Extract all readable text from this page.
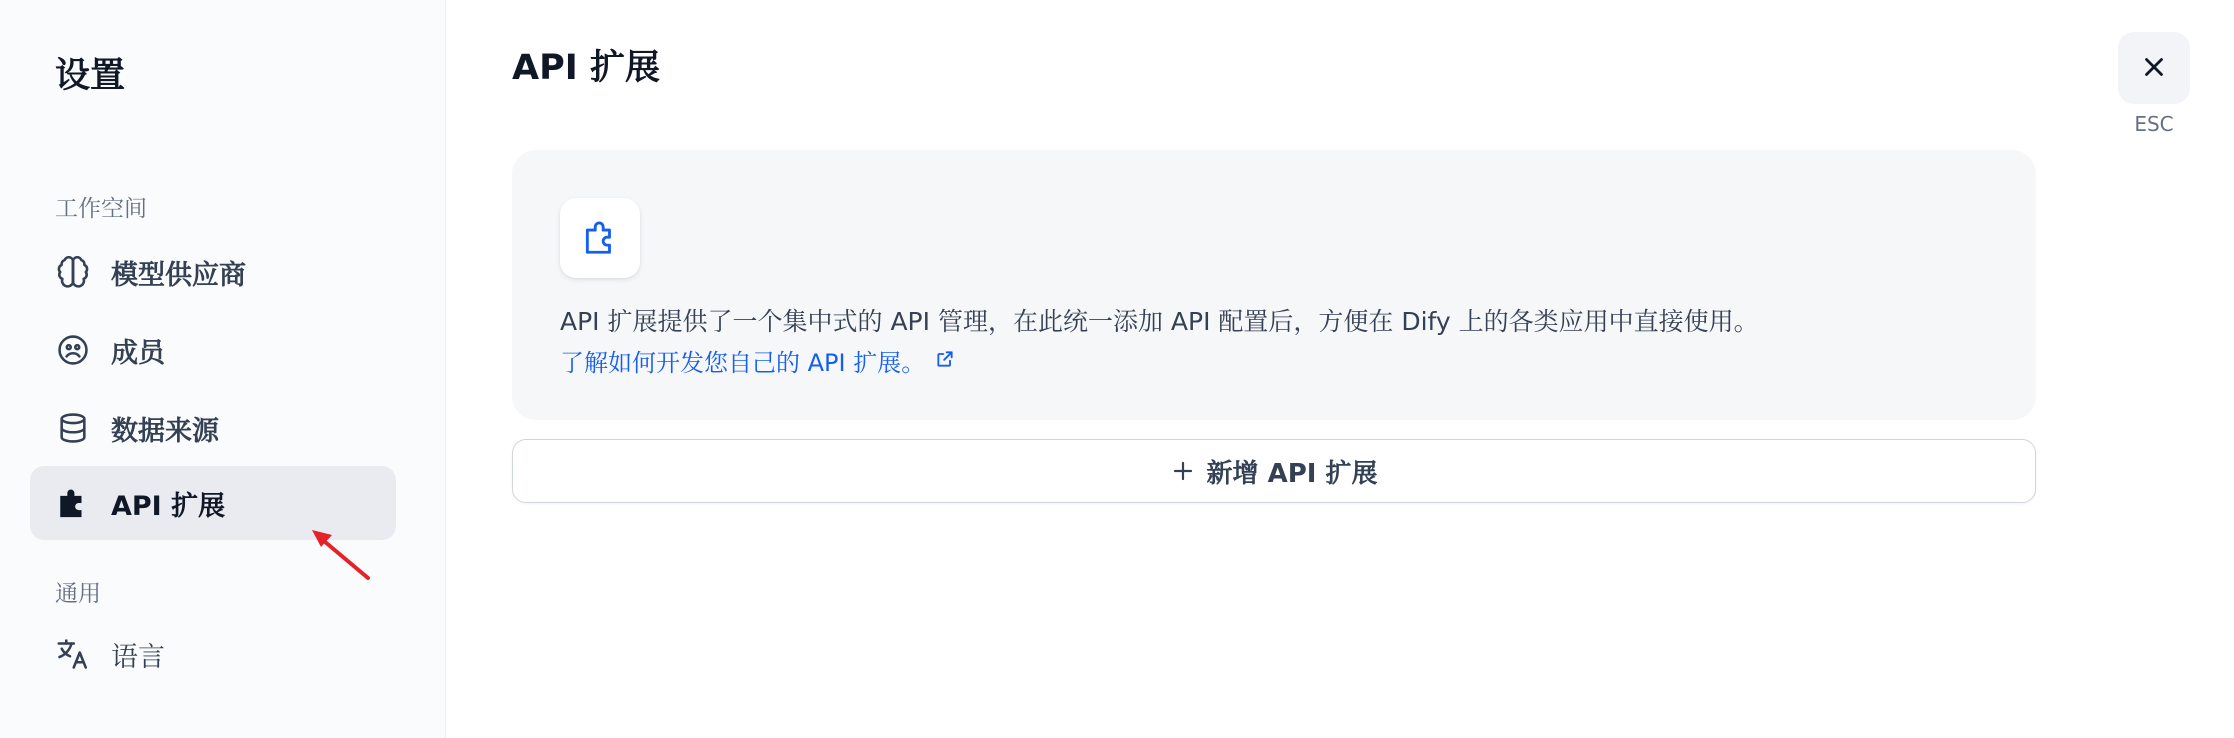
设置
工作空间
模型供应商
成员
数据来源
API 扩展
通用
语言
API 扩展
API 扩展提供了一个集中式的 API 管理，在此统一添加 API 配置后，方便在 Dify 上的各类应用中直接使用。
了解如何开发您自己的 API 扩展。
新增 API 扩展
ESC
